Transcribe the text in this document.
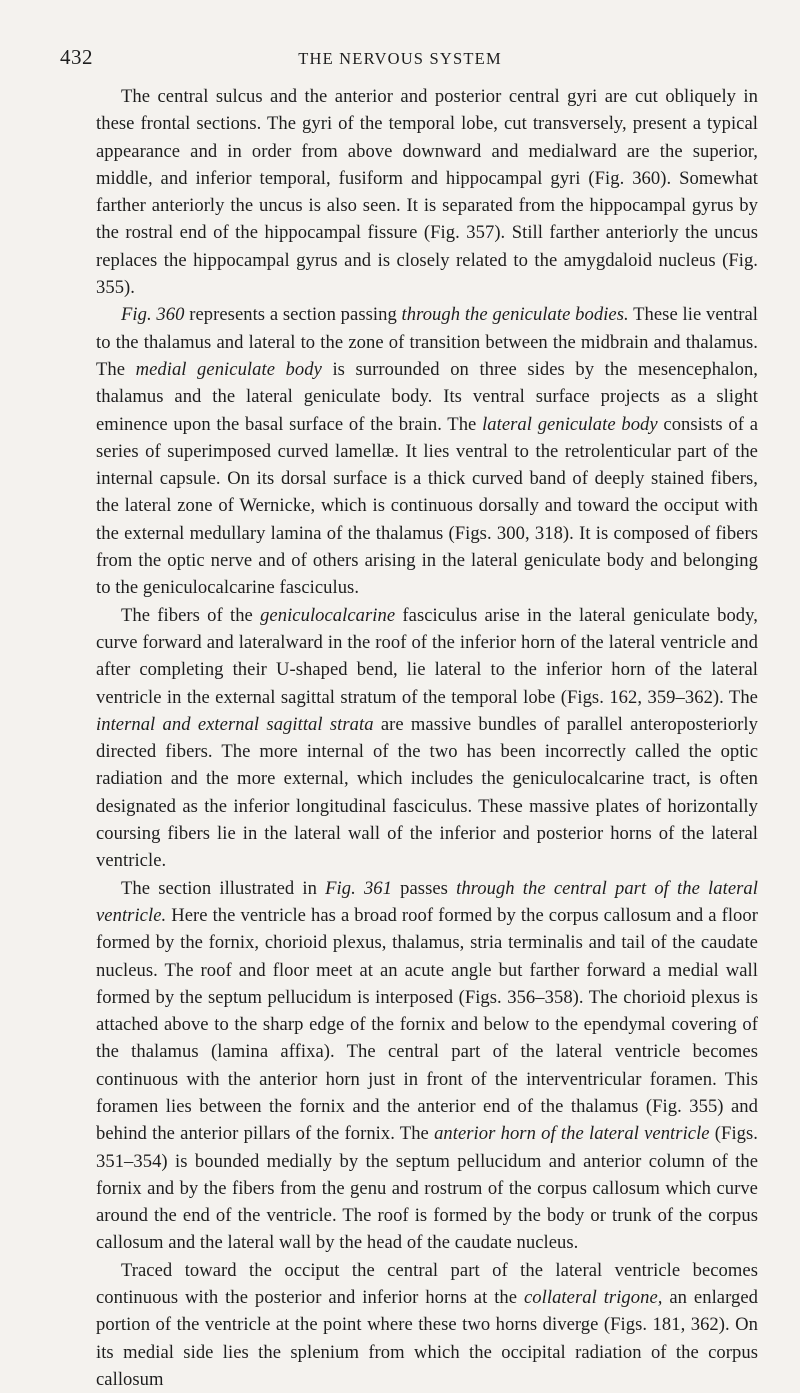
432	THE NERVOUS SYSTEM

The central sulcus and the anterior and posterior central gyri are cut obliquely in these frontal sections. The gyri of the temporal lobe, cut transversely, present a typical appearance and in order from above downward and medialward are the superior, middle, and inferior temporal, fusiform and hippocampal gyri (Fig. 360). Somewhat farther anteriorly the uncus is also seen. It is separated from the hippocampal gyrus by the rostral end of the hippocampal fissure (Fig. 357). Still farther anteriorly the uncus replaces the hippocampal gyrus and is closely related to the amygdaloid nucleus (Fig. 355).

Fig. 360 represents a section passing through the geniculate bodies. These lie ventral to the thalamus and lateral to the zone of transition between the midbrain and thalamus. The medial geniculate body is surrounded on three sides by the mesencephalon, thalamus and the lateral geniculate body. Its ventral surface projects as a slight eminence upon the basal surface of the brain. The lateral geniculate body consists of a series of superimposed curved lamellæ. It lies ventral to the retrolenticular part of the internal capsule. On its dorsal surface is a thick curved band of deeply stained fibers, the lateral zone of Wernicke, which is continuous dorsally and toward the occiput with the external medullary lamina of the thalamus (Figs. 300, 318). It is composed of fibers from the optic nerve and of others arising in the lateral geniculate body and belonging to the geniculocalcarine fasciculus.

The fibers of the geniculocalcarine fasciculus arise in the lateral geniculate body, curve forward and lateralward in the roof of the inferior horn of the lateral ventricle and after completing their U-shaped bend, lie lateral to the inferior horn of the lateral ventricle in the external sagittal stratum of the temporal lobe (Figs. 162, 359–362). The internal and external sagittal strata are massive bundles of parallel anteroposteriorly directed fibers. The more internal of the two has been incorrectly called the optic radiation and the more external, which includes the geniculocalcarine tract, is often designated as the inferior longitudinal fasciculus. These massive plates of horizontally coursing fibers lie in the lateral wall of the inferior and posterior horns of the lateral ventricle.

The section illustrated in Fig. 361 passes through the central part of the lateral ventricle. Here the ventricle has a broad roof formed by the corpus callosum and a floor formed by the fornix, chorioid plexus, thalamus, stria terminalis and tail of the caudate nucleus. The roof and floor meet at an acute angle but farther forward a medial wall formed by the septum pellucidum is interposed (Figs. 356–358). The chorioid plexus is attached above to the sharp edge of the fornix and below to the ependymal covering of the thalamus (lamina affixa). The central part of the lateral ventricle becomes continuous with the anterior horn just in front of the interventricular foramen. This foramen lies between the fornix and the anterior end of the thalamus (Fig. 355) and behind the anterior pillars of the fornix. The anterior horn of the lateral ventricle (Figs. 351–354) is bounded medially by the septum pellucidum and anterior column of the fornix and by the fibers from the genu and rostrum of the corpus callosum which curve around the end of the ventricle. The roof is formed by the body or trunk of the corpus callosum and the lateral wall by the head of the caudate nucleus.

Traced toward the occiput the central part of the lateral ventricle becomes continuous with the posterior and inferior horns at the collateral trigone, an enlarged portion of the ventricle at the point where these two horns diverge (Figs. 181, 362). On its medial side lies the splenium from which the occipital radiation of the corpus callosum
